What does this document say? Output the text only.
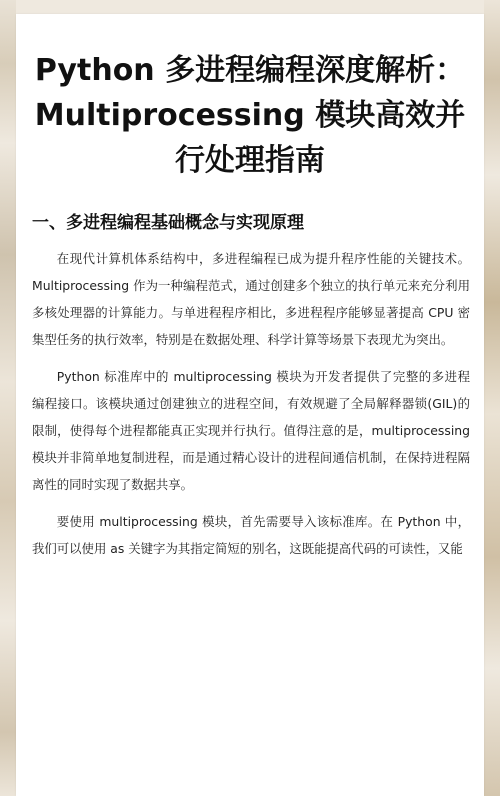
Python 多进程编程深度解析：Multiprocessing 模块高效并行处理指南
一、多进程编程基础概念与实现原理

在现代计算机体系结构中，多进程编程已成为提升程序性能的关键技术。Multiprocessing 作为一种编程范式，通过创建多个独立的执行单元来充分利用多核处理器的计算能力。与单进程程序相比，多进程程序能够显著提高 CPU 密集型任务的执行效率，特别是在数据处理、科学计算等场景下表现尤为突出。

Python 标准库中的 multiprocessing 模块为开发者提供了完整的多进程编程接口。该模块通过创建独立的进程空间，有效规避了全局解释器锁(GIL)的限制，使得每个进程都能真正实现并行执行。值得注意的是，multiprocessing 模块并非简单地复制进程，而是通过精心设计的进程间通信机制，在保持进程隔离性的同时实现了数据共享。

要使用 multiprocessing 模块，首先需要导入该标准库。在 Python 中，我们可以使用 as 关键字为其指定简短的别名，这既能提高代码的可读性，又能
